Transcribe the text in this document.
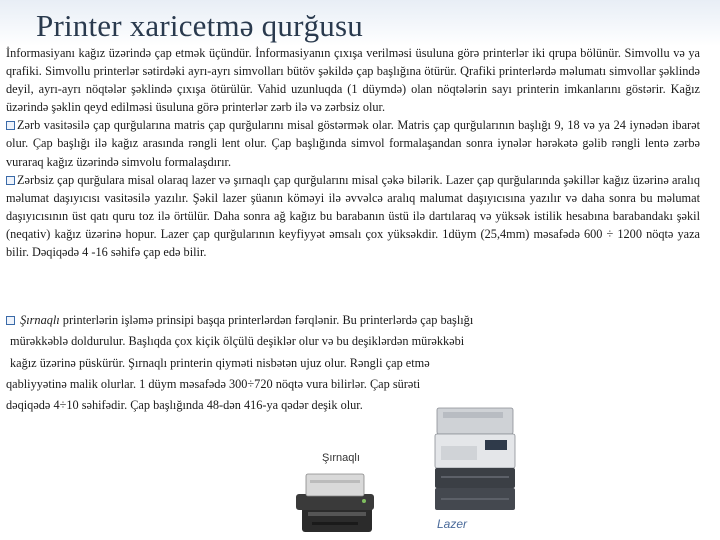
Printer xaricetmə qurğusu

İnformasiyanı kağız üzərində çap etmək üçündür. İnformasiyanın çıxışa verilməsi üsuluna görə printerlər iki qrupa bölünür. Simvollu və ya qrafiki. Simvollu printerlər sətirdəki ayrı-ayrı simvolları bütöv şəkildə çap başlığına ötürür. Qrafiki printerlərdə məlumatı simvollar şəklində deyil, ayrı-ayrı nöqtələr şəklində çıxışa ötürülür. Vahid uzunluqda (1 düymdə) olan nöqtələrin sayı printerin imkanlarını göstərir. Kağız üzərində şəklin qeyd edilməsi üsuluna görə printerlər zərb ilə və zərbsiz olur.

Zərb vasitəsilə çap qurğularına matris çap qurğularını misal göstərmək olar. Matris çap qurğularının başlığı 9, 18 və ya 24 iynədən ibarət olur. Çap başlığı ilə kağız arasında rəngli lent olur. Çap başlığında simvol formalaşandan sonra iynələr hərəkətə gəlib rəngli lentə zərbə vuraraq kağız üzərində simvolu formalaşdırır.

Zərbsiz çap qurğulara misal olaraq lazer və şırnaqlı çap qurğularını misal çəkə bilərik. Lazer çap qurğularında şəkillər kağız üzərinə aralıq məlumat daşıyıcısı vasitəsilə yazılır. Şəkil lazer şüanın köməyi ilə əvvəlcə aralıq malumat daşıyıcısına yazılır və daha sonra bu məlumat daşıyıcısının üst qatı quru toz ilə örtülür. Daha sonra ağ kağız bu barabanın üstü ilə dartılaraq və yüksək istilik hesabına barabandakı şəkil (neqativ) kağız üzərinə hopur. Lazer çap qurğularının keyfiyyət əmsalı çox yüksəkdir. 1düym (25,4mm) məsafədə 600 ÷ 1200 nöqtə yaza bilir. Dəqiqədə 4 -16 səhifə çap edə bilir.

Şırnaqlı printerlərin işləmə prinsipi başqa printerlərdən fərqlənir. Bu printerlərdə çap başlığı
mürəkkəblə doldurulur. Başlıqda çox kiçik ölçülü deşiklər olur və bu deşiklərdən mürəkkəbi
kağız üzərinə püskürür. Şırnaqlı printerin qiyməti nisbətən ujuz olur. Rəngli çap etmə
qabliyyətinə malik olurlar. 1 düym məsafədə 300÷720 nöqtə vura bilirlər. Çap sürəti
dəqiqədə 4÷10 səhifədir. Çap başlığında 48-dən 416-ya qədər deşik olur.
Şırnaqlı
Lazer
